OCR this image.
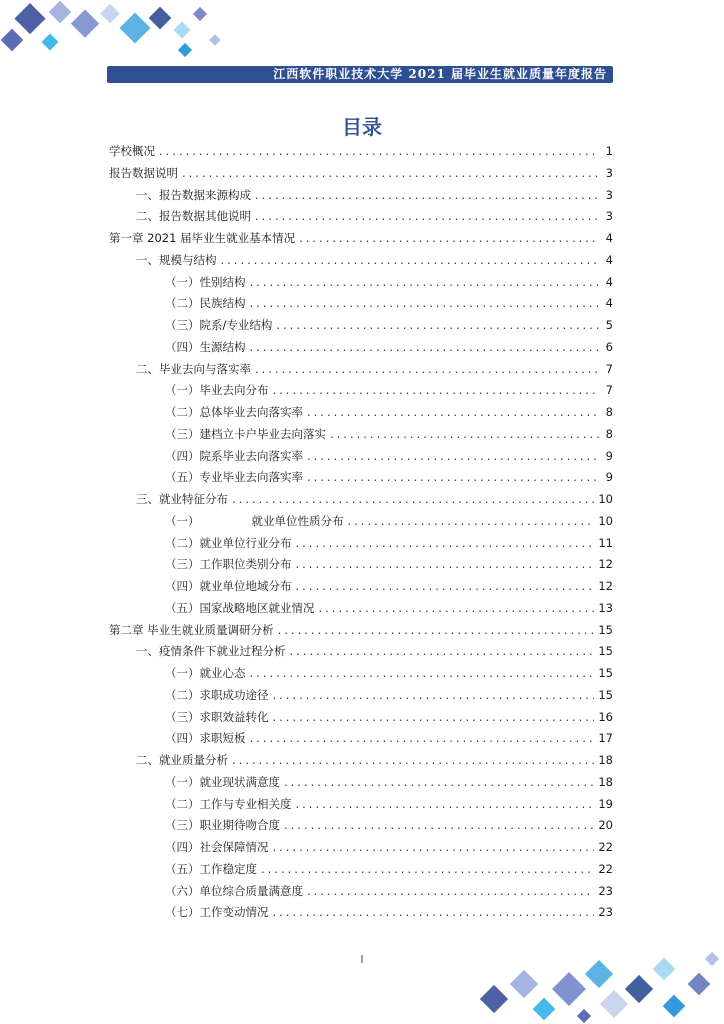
江西软件职业技术大学 2021 届毕业生就业质量年度报告
目录
学校概况 .....	1
报告数据说明 .....	3
一、报告数据来源构成 .....	3
二、报告数据其他说明 .....	3
第一章 2021 届毕业生就业基本情况 .....	4
一、规模与结构 .....	4
（一）性别结构 .....	4
（二）民族结构 .....	4
（三）院系/专业结构 .....	5
（四）生源结构 .....	6
二、毕业去向与落实率 .....	7
（一）毕业去向分布 .....	7
（二）总体毕业去向落实率 .....	8
（三）建档立卡户毕业去向落实 .....	8
（四）院系毕业去向落实率 .....	9
（五）专业毕业去向落实率 .....	9
三、就业特征分布 .....	10
（一）	就业单位性质分布 .....	10
（二）就业单位行业分布 .....	11
（三）工作职位类别分布 .....	12
（四）就业单位地域分布 .....	12
（五）国家战略地区就业情况 .....	13
第二章 毕业生就业质量调研分析 .....	15
一、疫情条件下就业过程分析 .....	15
（一）就业心态 .....	15
（二）求职成功途径 .....	15
（三）求职效益转化 .....	16
（四）求职短板 .....	17
二、就业质量分析 .....	18
（一）就业现状满意度 .....	18
（二）工作与专业相关度 .....	19
（三）职业期待吻合度 .....	20
（四）社会保障情况 .....	22
（五）工作稳定度 .....	22
（六）单位综合质量满意度 .....	23
（七）工作变动情况 .....	23
I
